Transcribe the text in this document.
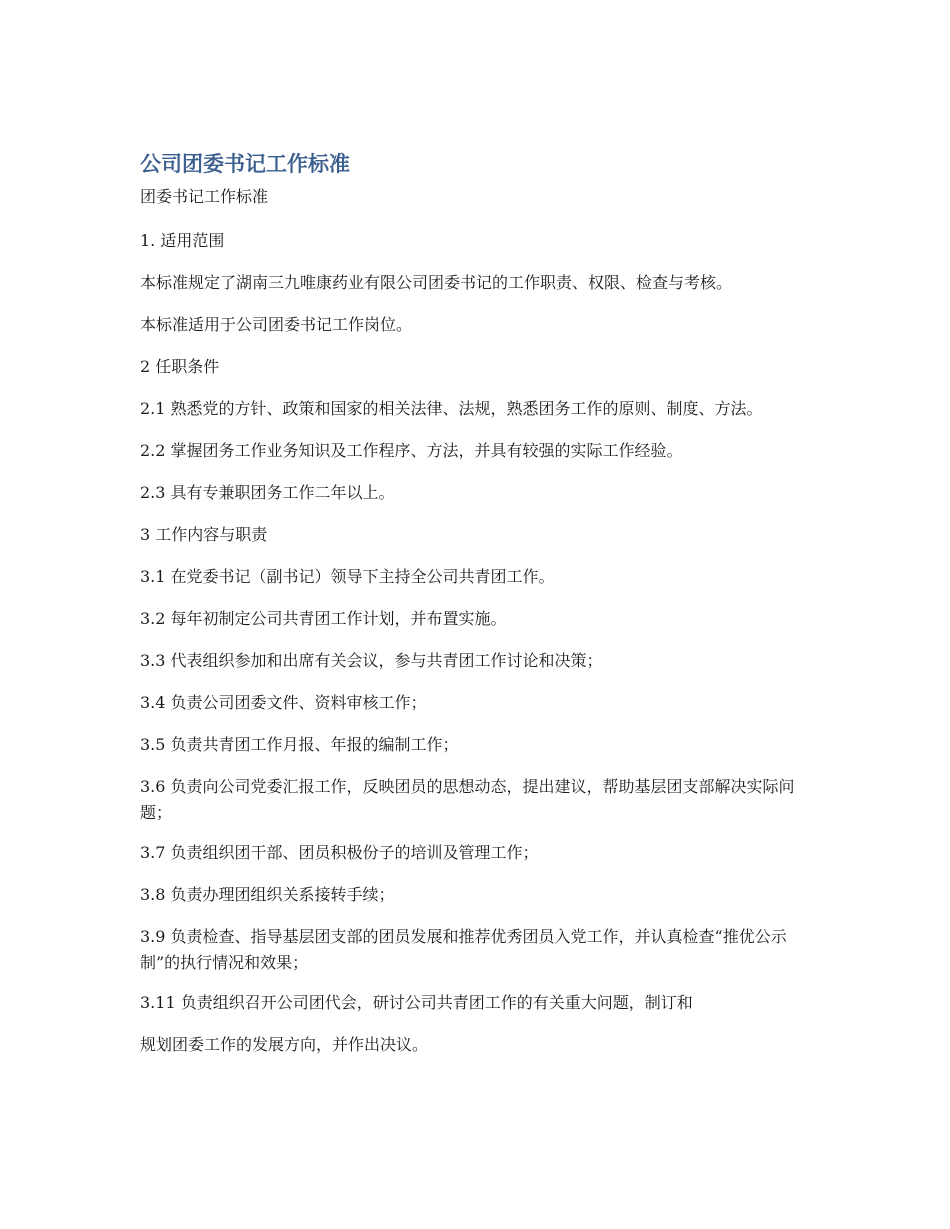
公司团委书记工作标准

团委书记工作标准

1. 适用范围

本标准规定了湖南三九唯康药业有限公司团委书记的工作职责、权限、检查与考核。

本标准适用于公司团委书记工作岗位。

2 任职条件

2.1 熟悉党的方针、政策和国家的相关法律、法规，熟悉团务工作的原则、制度、方法。

2.2 掌握团务工作业务知识及工作程序、方法，并具有较强的实际工作经验。

2.3 具有专兼职团务工作二年以上。

3 工作内容与职责

3.1 在党委书记（副书记）领导下主持全公司共青团工作。

3.2 每年初制定公司共青团工作计划，并布置实施。

3.3 代表组织参加和出席有关会议，参与共青团工作讨论和决策；

3.4 负责公司团委文件、资料审核工作；

3.5 负责共青团工作月报、年报的编制工作；

3.6 负责向公司党委汇报工作，反映团员的思想动态，提出建议，帮助基层团支部解决实际问题；

3.7 负责组织团干部、团员积极份子的培训及管理工作；

3.8 负责办理团组织关系接转手续；

3.9 负责检查、指导基层团支部的团员发展和推荐优秀团员入党工作，并认真检查“推优公示制”的执行情况和效果；

3.11 负责组织召开公司团代会，研讨公司共青团工作的有关重大问题，制订和

规划团委工作的发展方向，并作出决议。
